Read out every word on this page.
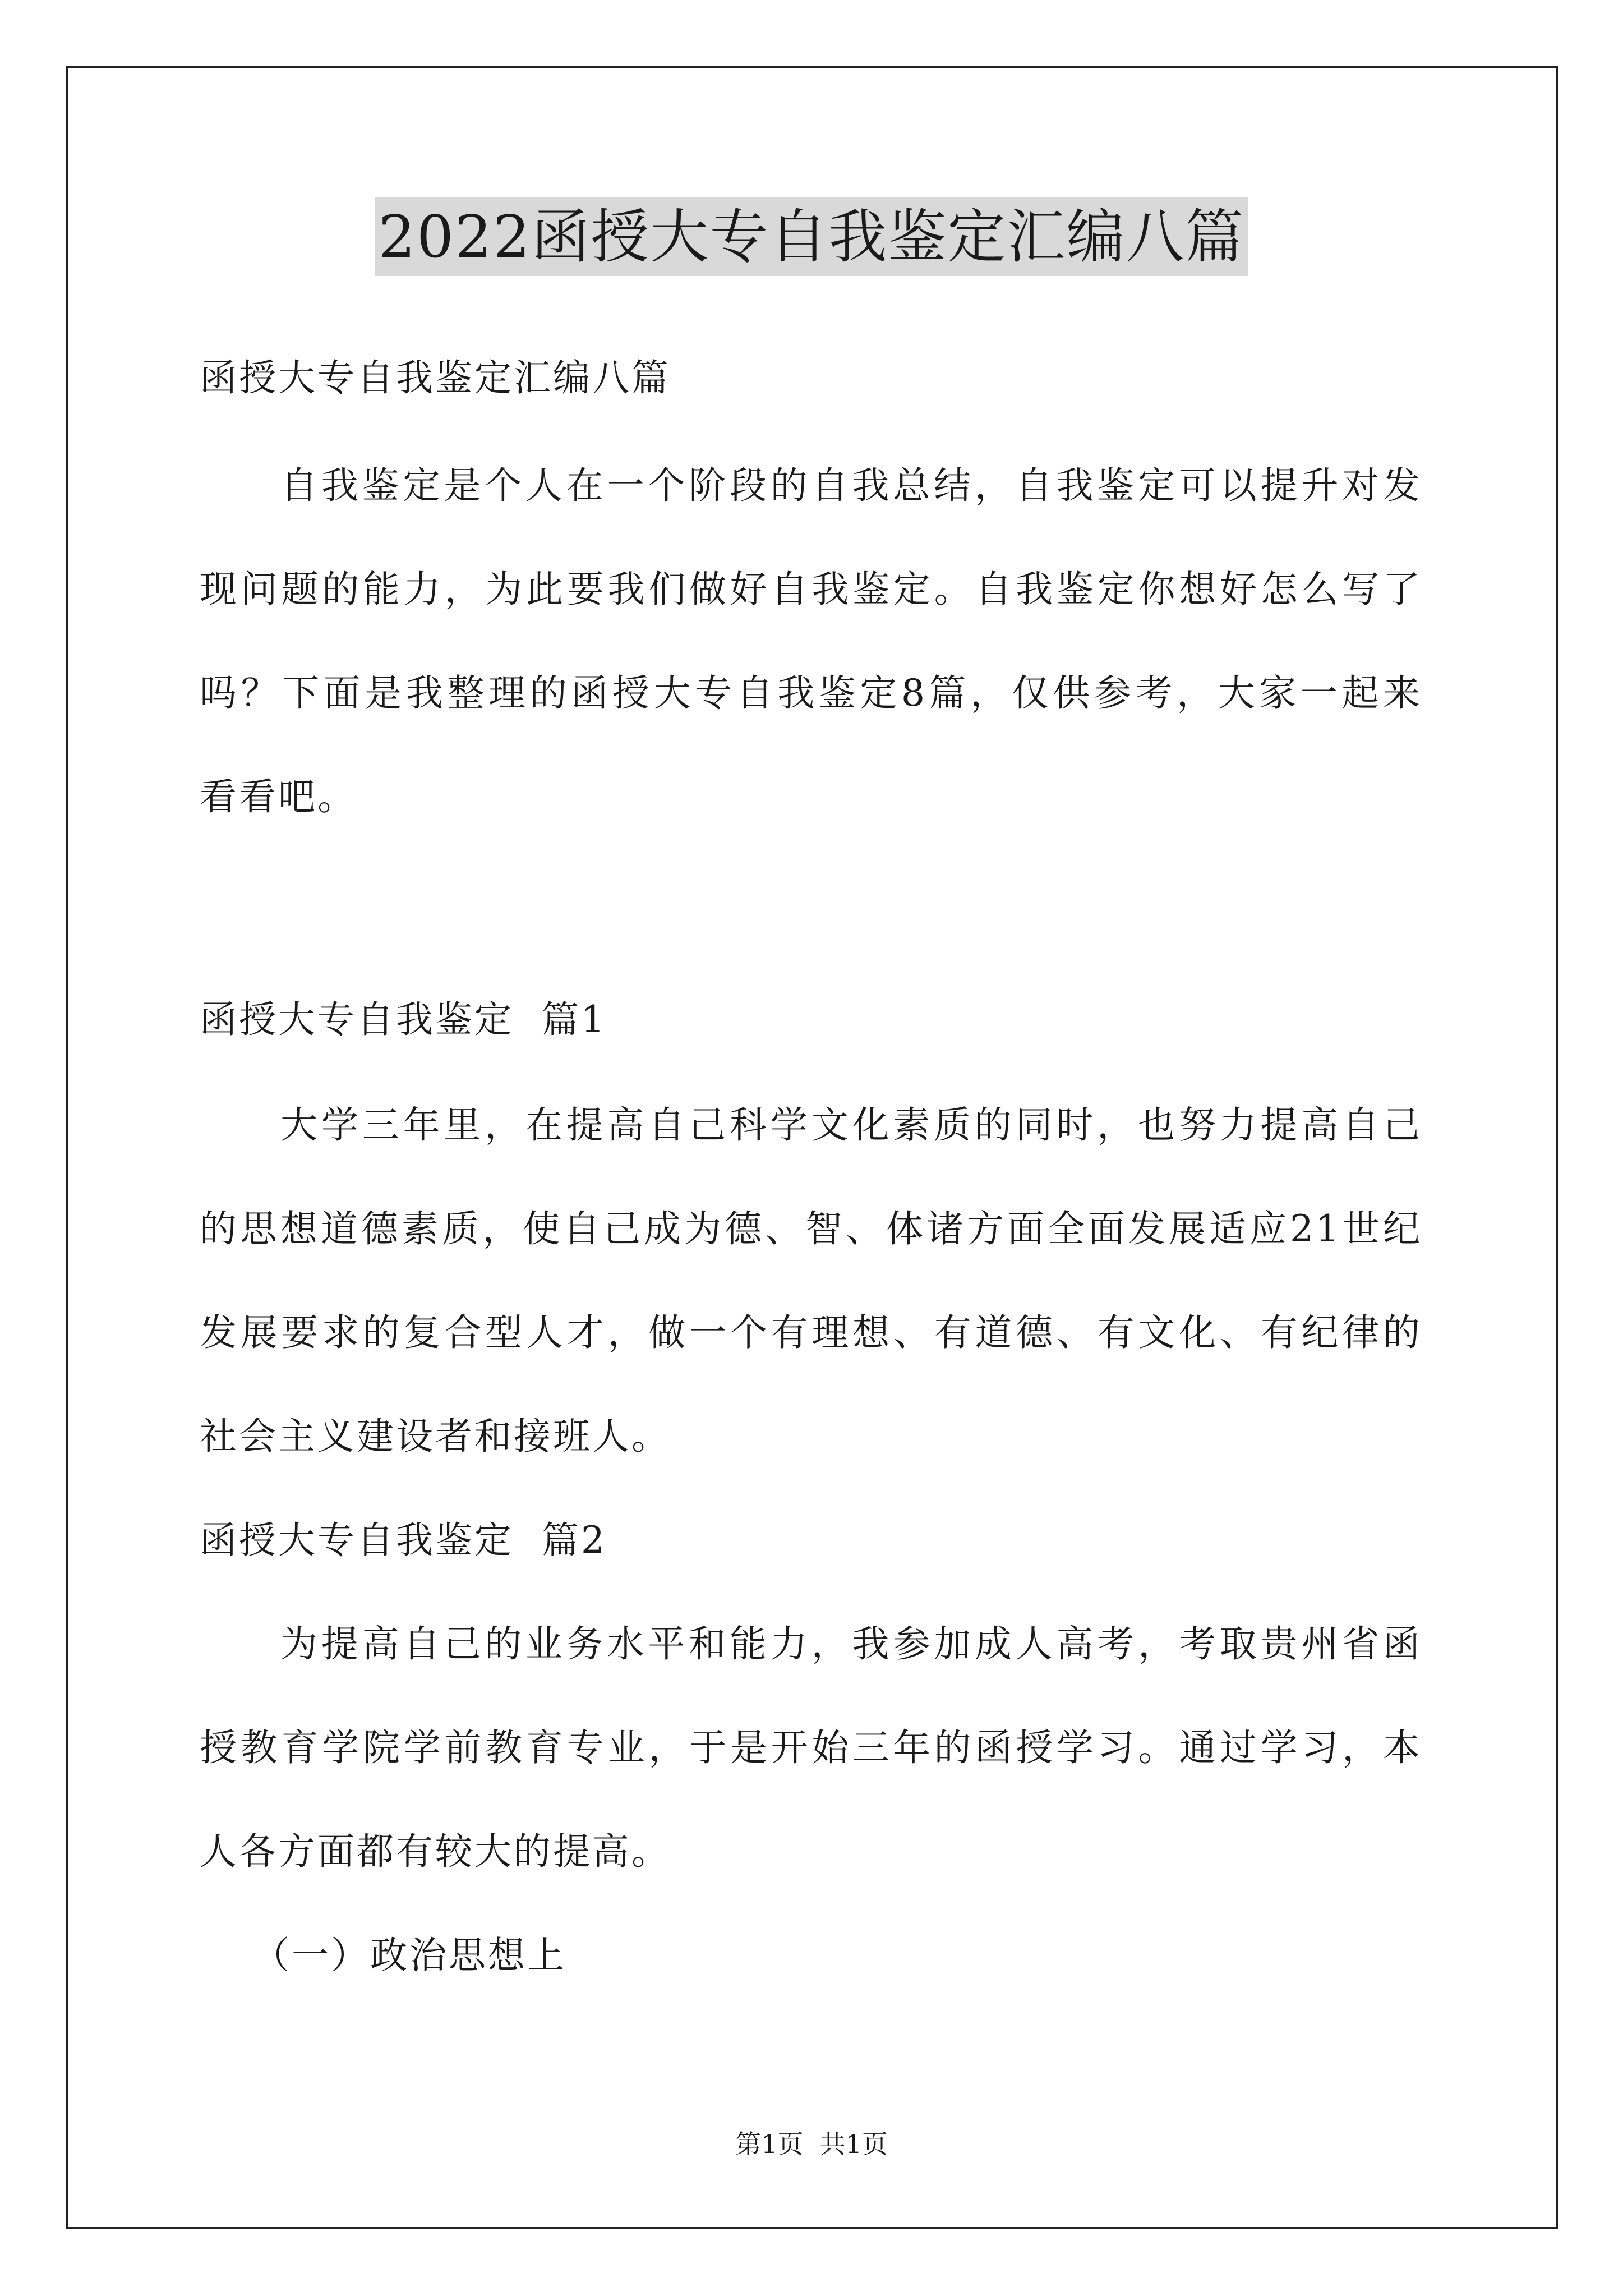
2022函授大专自我鉴定汇编八篇
函授大专自我鉴定汇编八篇
自我鉴定是个人在一个阶段的自我总结，自我鉴定可以提升对发
现问题的能力，为此要我们做好自我鉴定。自我鉴定你想好怎么写了
吗？下面是我整理的函授大专自我鉴定8篇，仅供参考，大家一起来
看看吧。
函授大专自我鉴定  篇1
大学三年里，在提高自己科学文化素质的同时，也努力提高自己
的思想道德素质，使自己成为德、智、体诸方面全面发展适应21世纪
发展要求的复合型人才，做一个有理想、有道德、有文化、有纪律的
社会主义建设者和接班人。
函授大专自我鉴定  篇2
为提高自己的业务水平和能力，我参加成人高考，考取贵州省函
授教育学院学前教育专业，于是开始三年的函授学习。通过学习，本
人各方面都有较大的提高。
（一）政治思想上
第1页  共1页
